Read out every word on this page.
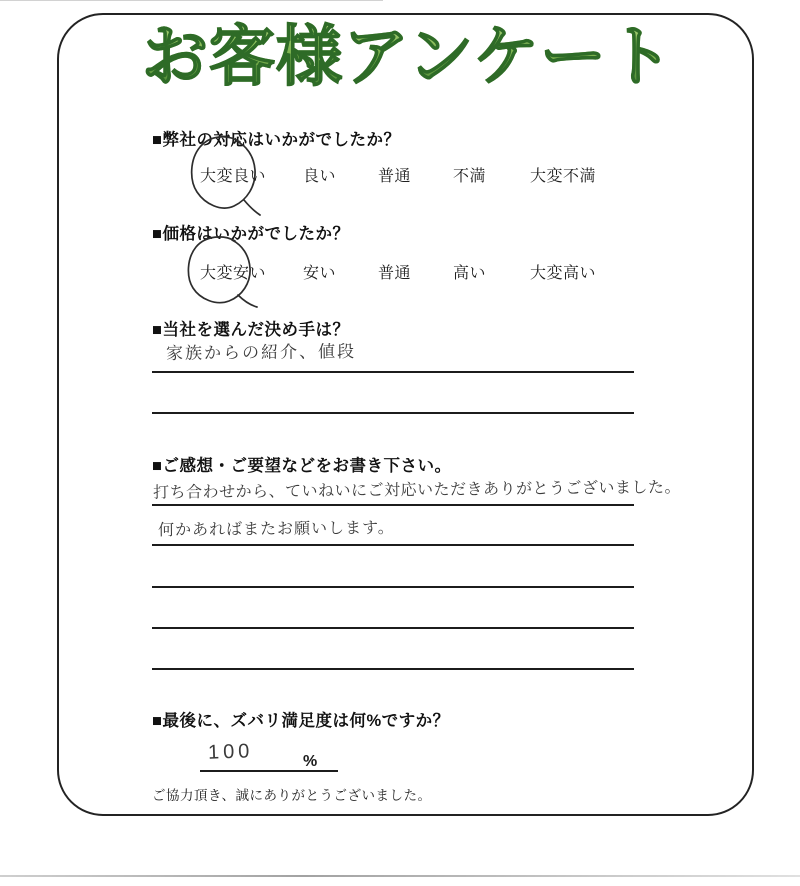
お客様アンケート
■弊社の対応はいかがでしたか？
大変良い 良い	普通	不満	大変不満
■価格はいかがでしたか？
大変安い 安い	普通	高い	大変高い
■当社を選んだ決め手は？
家族からの紹介、値段
■ご感想・ご要望などをお書き下さい。
打ち合わせから、ていねいにご対応いただきありがとうございました。
何かあればまたお願いします。
■最後に、ズバリ満足度は何%ですか？
100	%
ご協力頂き、誠にありがとうございました。
